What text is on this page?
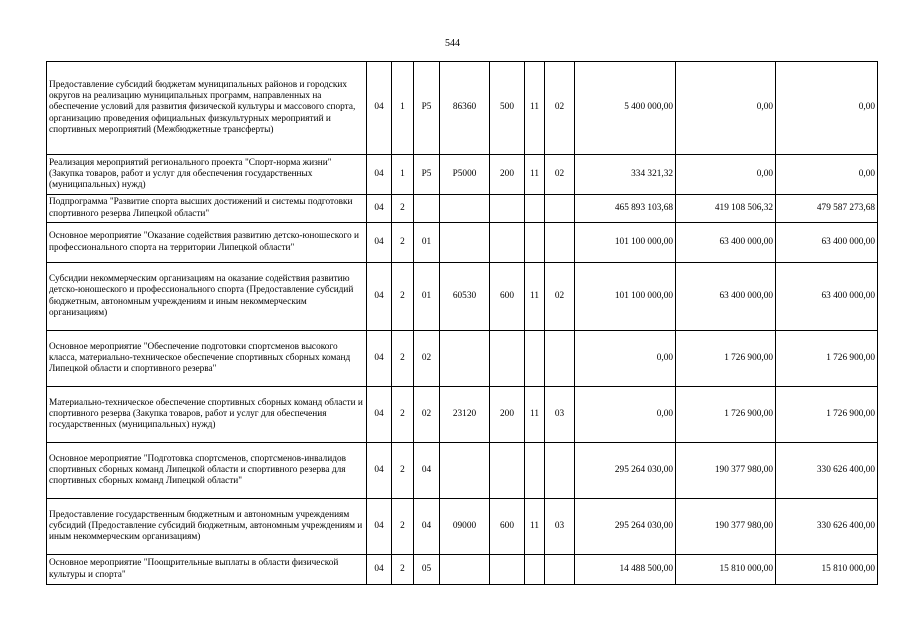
544
Предоставление субсидий бюджетам муниципальных районов и городских округов на реализацию муниципальных программ, направленных на обеспечение условий для развития физической культуры и массового спорта, организацию проведения официальных физкультурных мероприятий и спортивных мероприятий (Межбюджетные трансферты)	04	1	P5	86360	500	11	02	5 400 000,00	0,00	0,00
Реализация мероприятий регионального проекта "Спорт-норма жизни" (Закупка товаров, работ и услуг для обеспечения государственных (муниципальных) нужд)	04	1	P5	P5000	200	11	02	334 321,32	0,00	0,00
Подпрограмма "Развитие спорта высших достижений и системы подготовки спортивного резерва Липецкой области"	04	2						465 893 103,68	419 108 506,32	479 587 273,68
Основное мероприятие "Оказание содействия развитию детско-юношеского и профессионального спорта на территории Липецкой области"	04	2	01					101 100 000,00	63 400 000,00	63 400 000,00
Субсидии некоммерческим организациям на оказание содействия развитию детско-юношеского и профессионального спорта (Предоставление субсидий бюджетным, автономным учреждениям и иным некоммерческим организациям)	04	2	01	60530	600	11	02	101 100 000,00	63 400 000,00	63 400 000,00
Основное мероприятие "Обеспечение подготовки спортсменов высокого класса, материально-техническое обеспечение спортивных сборных команд Липецкой области и спортивного резерва"	04	2	02					0,00	1 726 900,00	1 726 900,00
Материально-техническое обеспечение спортивных сборных команд области и спортивного резерва (Закупка товаров, работ и услуг для обеспечения государственных (муниципальных) нужд)	04	2	02	23120	200	11	03	0,00	1 726 900,00	1 726 900,00
Основное мероприятие "Подготовка спортсменов, спортсменов-инвалидов спортивных сборных команд Липецкой области и спортивного резерва для спортивных сборных команд Липецкой области"	04	2	04					295 264 030,00	190 377 980,00	330 626 400,00
Предоставление государственным бюджетным и автономным учреждениям субсидий (Предоставление субсидий бюджетным, автономным учреждениям и иным некоммерческим организациям)	04	2	04	09000	600	11	03	295 264 030,00	190 377 980,00	330 626 400,00
Основное мероприятие "Поощрительные выплаты в области физической культуры и спорта"	04	2	05					14 488 500,00	15 810 000,00	15 810 000,00
